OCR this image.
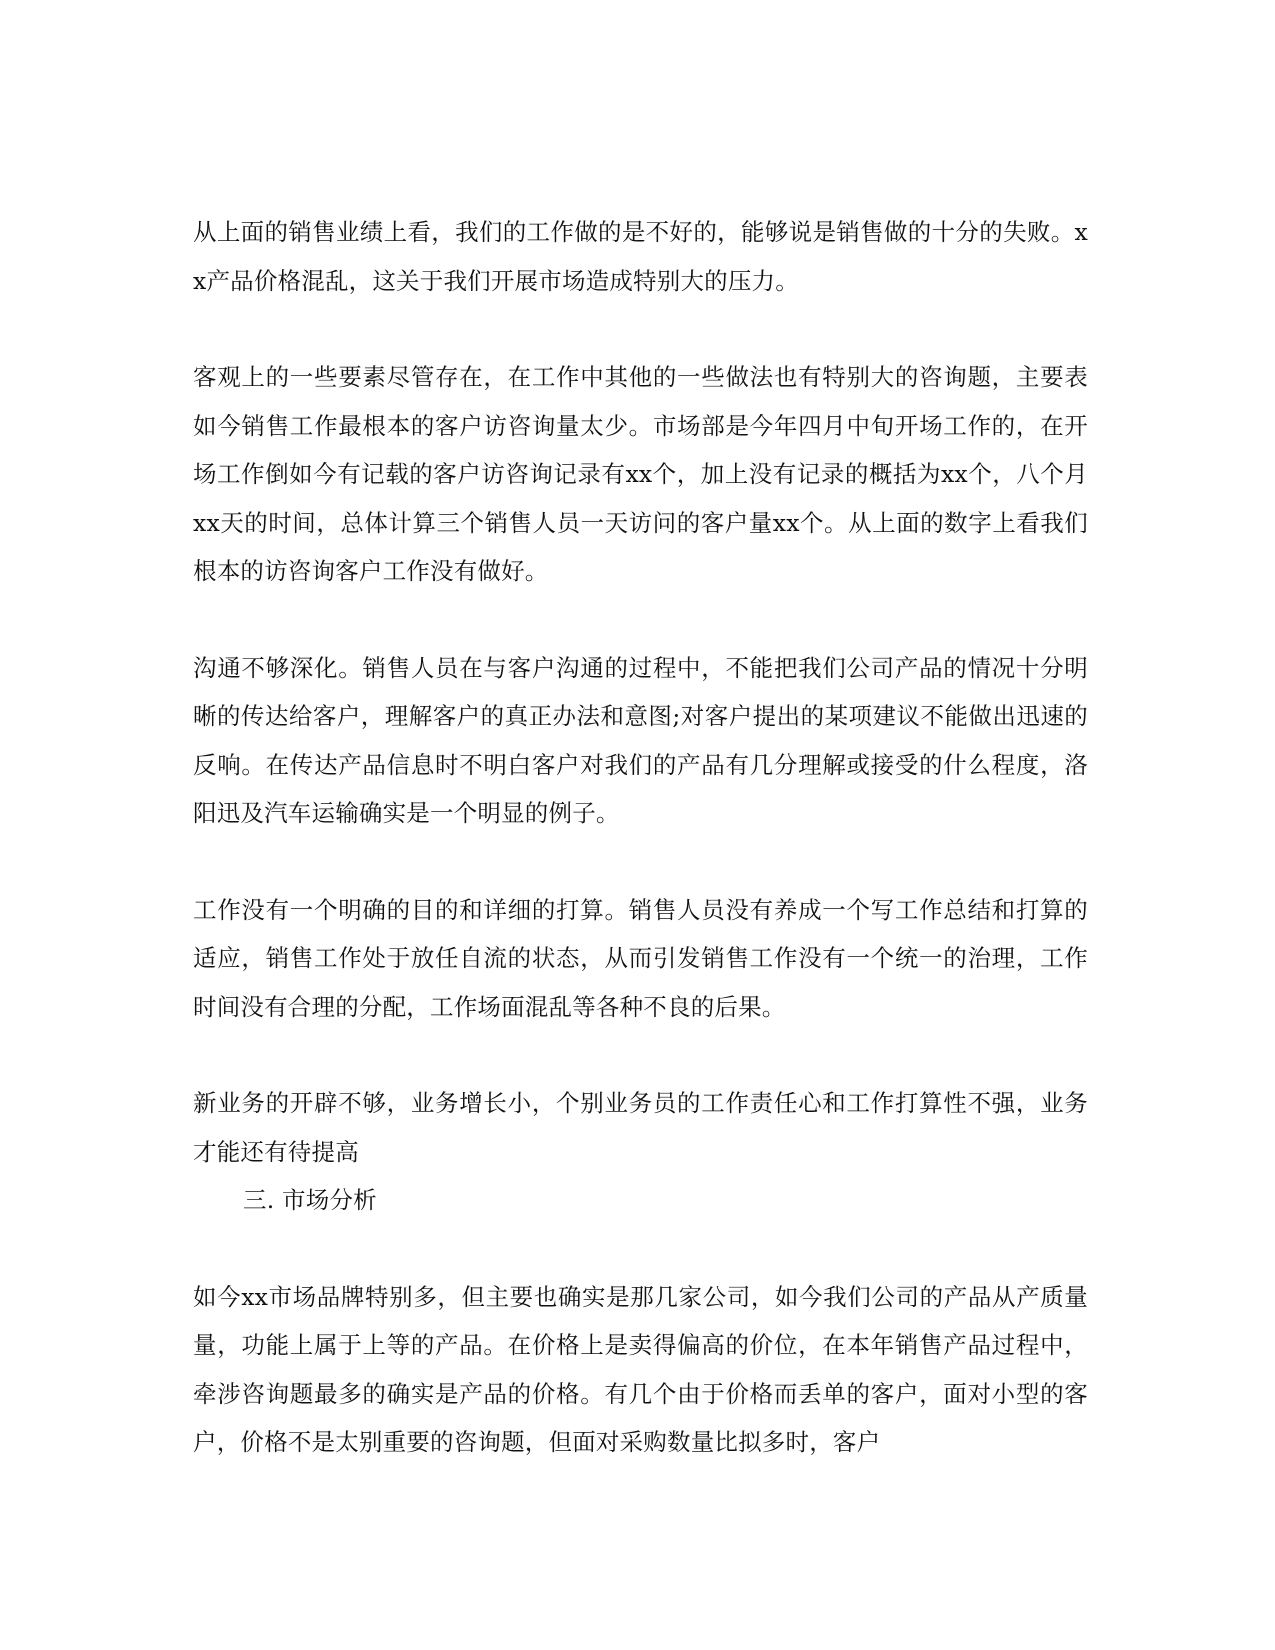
从上面的销售业绩上看，我们的工作做的是不好的，能够说是销售做的十分的失败。xx产品价格混乱，这关于我们开展市场造成特别大的压力。

客观上的一些要素尽管存在，在工作中其他的一些做法也有特别大的咨询题，主要表如今销售工作最根本的客户访咨询量太少。市场部是今年四月中旬开场工作的，在开场工作倒如今有记载的客户访咨询记录有xx个，加上没有记录的概括为xx个，八个月xx天的时间，总体计算三个销售人员一天访问的客户量xx个。从上面的数字上看我们根本的访咨询客户工作没有做好。

沟通不够深化。销售人员在与客户沟通的过程中，不能把我们公司产品的情况十分明晰的传达给客户，理解客户的真正办法和意图;对客户提出的某项建议不能做出迅速的反响。在传达产品信息时不明白客户对我们的产品有几分理解或接受的什么程度，洛阳迅及汽车运输确实是一个明显的例子。

工作没有一个明确的目的和详细的打算。销售人员没有养成一个写工作总结和打算的适应，销售工作处于放任自流的状态，从而引发销售工作没有一个统一的治理，工作时间没有合理的分配，工作场面混乱等各种不良的后果。

新业务的开辟不够，业务增长小，个别业务员的工作责任心和工作打算性不强，业务才能还有待提高

三. 市场分析

如今xx市场品牌特别多，但主要也确实是那几家公司，如今我们公司的产品从产质量量，功能上属于上等的产品。在价格上是卖得偏高的价位，在本年销售产品过程中，牵涉咨询题最多的确实是产品的价格。有几个由于价格而丢单的客户，面对小型的客户，价格不是太别重要的咨询题，但面对采购数量比拟多时，客户
